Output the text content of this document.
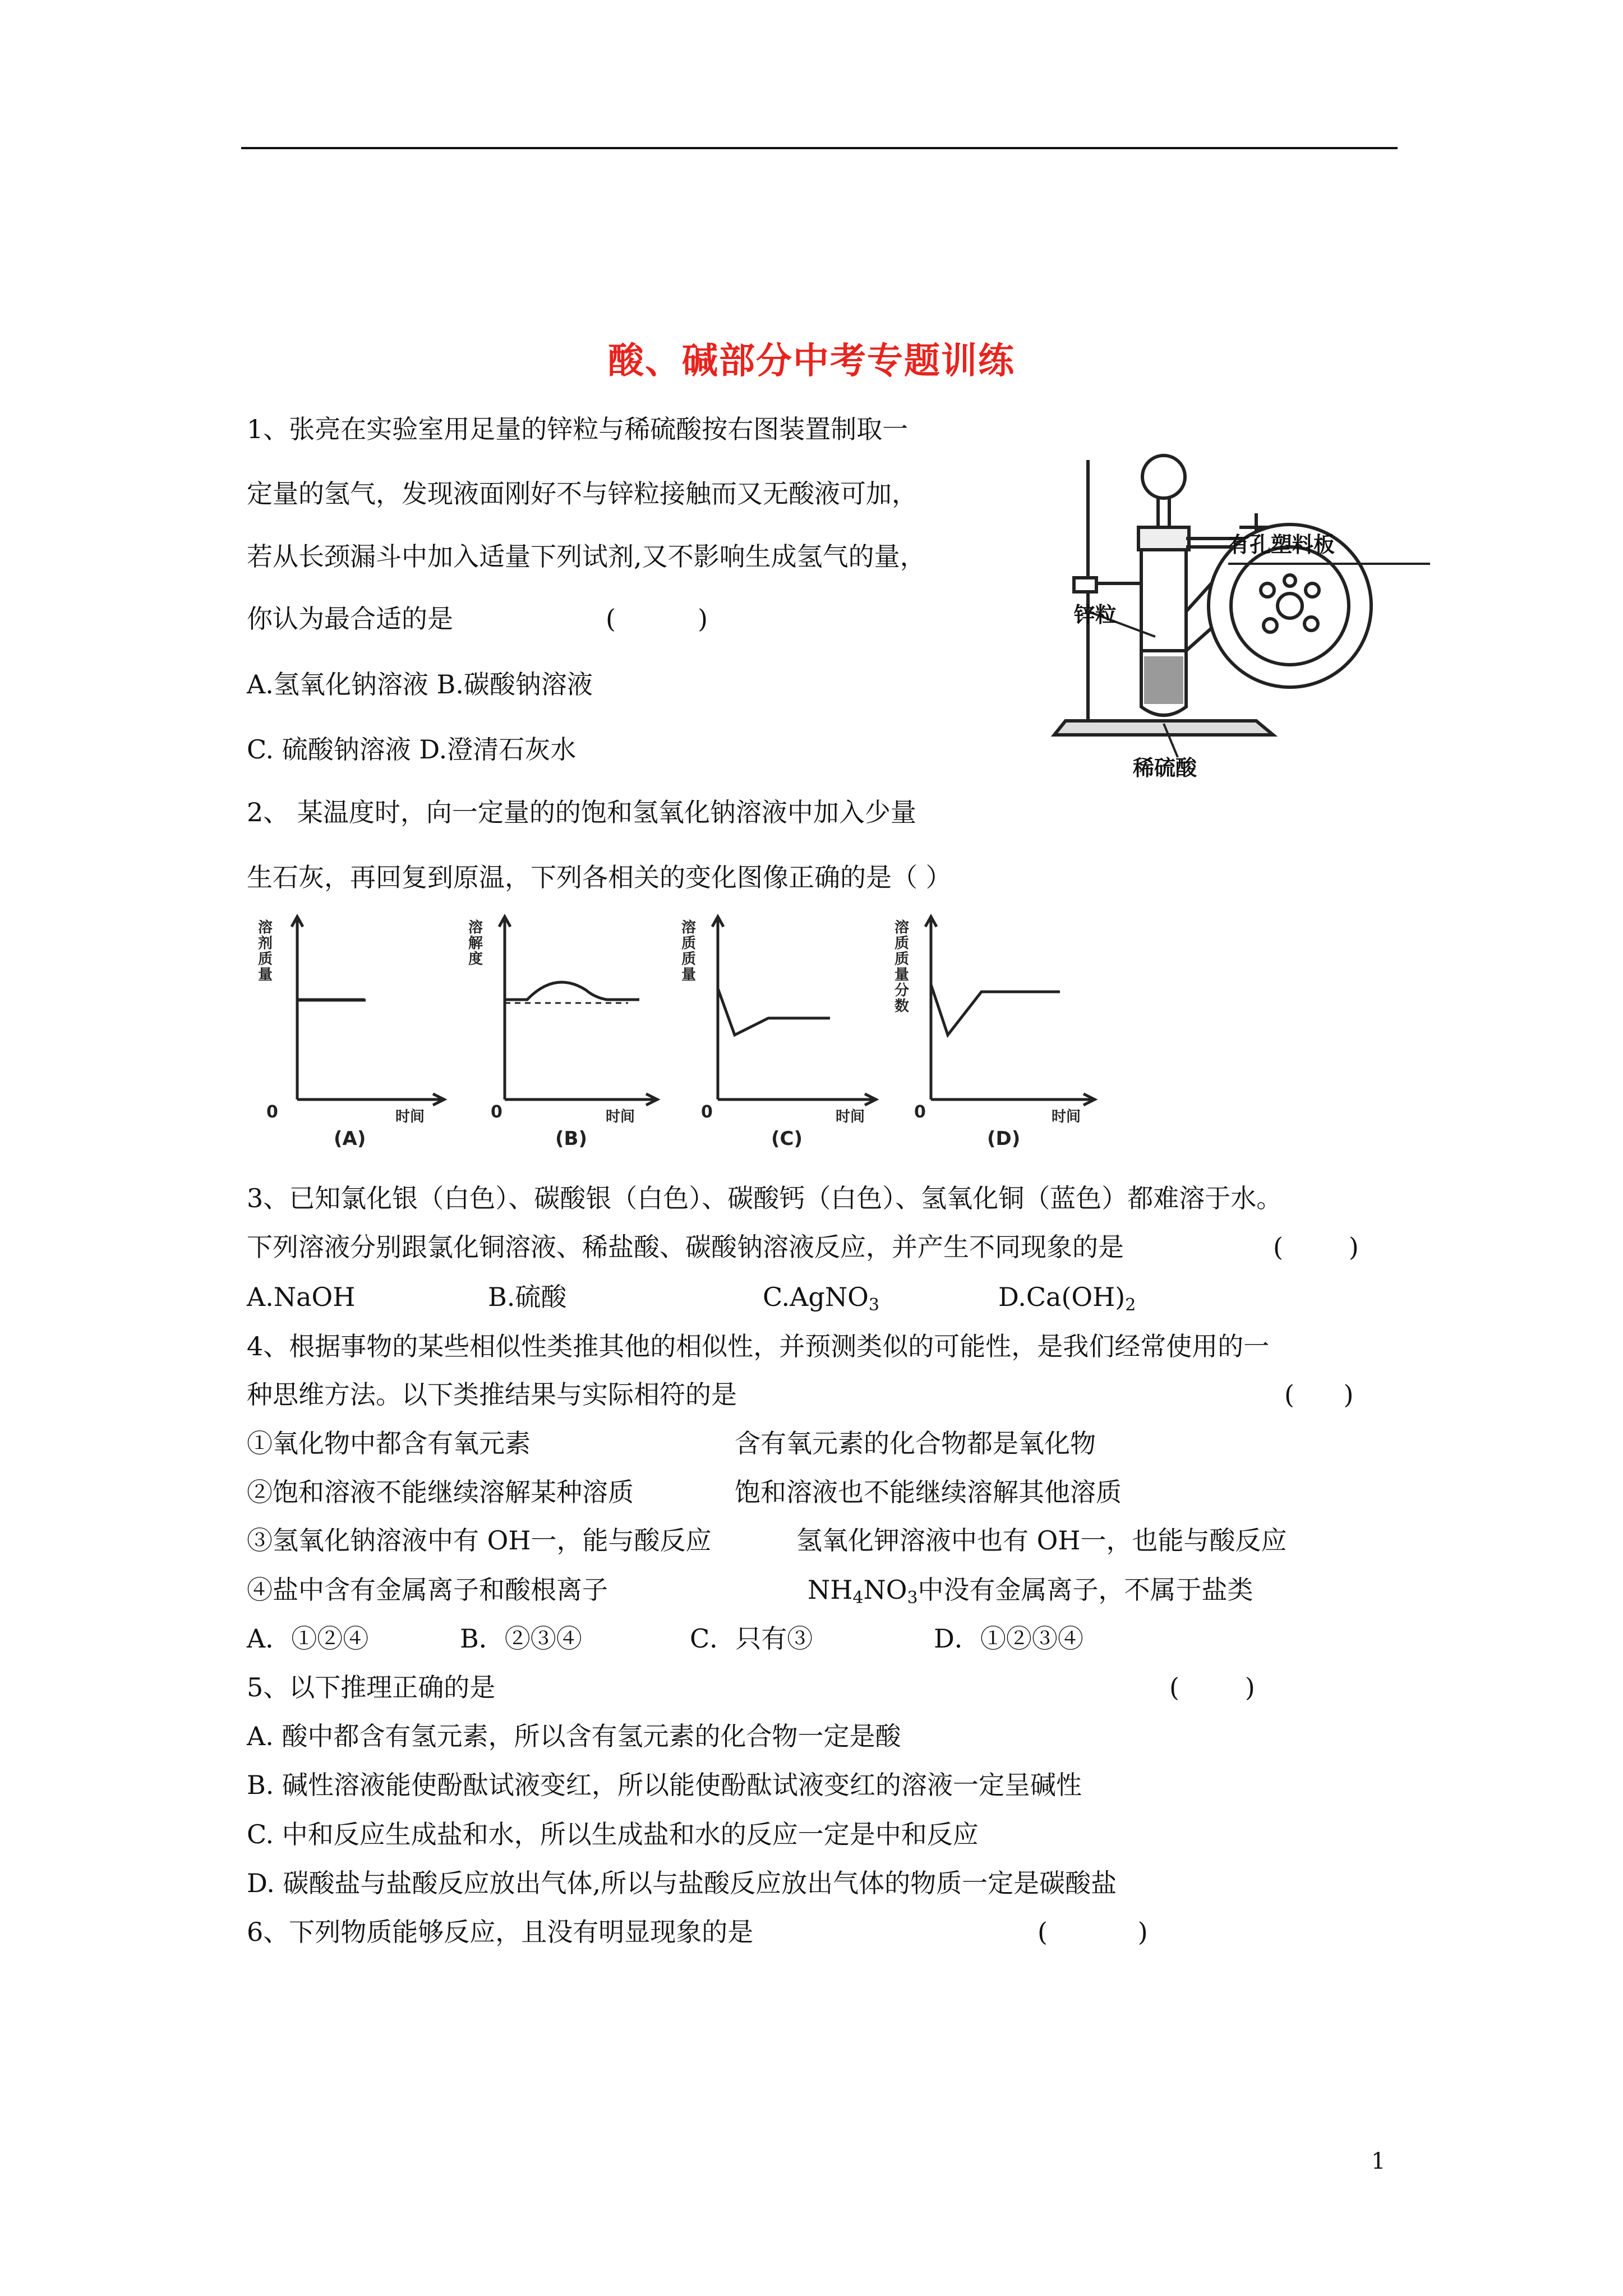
酸、碱部分中考专题训练
1、张亮在实验室用足量的锌粒与稀硫酸按右图装置制取一
定量的氢气，发现液面刚好不与锌粒接触而又无酸液可加，
若从长颈漏斗中加入适量下列试剂,又不影响生成氢气的量，
你认为最合适的是	(          )
A.氢氧化钠溶液 B.碳酸钠溶液
C. 硫酸钠溶液 D.澄清石灰水
有孔塑料板
锌粒
稀硫酸
2、 某温度时，向一定量的的饱和氢氧化钠溶液中加入少量
生石灰，再回复到原温，下列各相关的变化图像正确的是（ ）
溶剂质量
0	时间
(A)
溶解度
0	时间
(B)
溶质质量
0	时间
(C)
溶质质量分数
0	时间
(D)
3、已知氯化银（白色）、碳酸银（白色）、碳酸钙（白色）、氢氧化铜（蓝色）都难溶于水。
下列溶液分别跟氯化铜溶液、稀盐酸、碳酸钠溶液反应，并产生不同现象的是	(        )
A.NaOH	B.硫酸	C.AgNO$_3$	$D.Ca(OH)_2$
4、根据事物的某些相似性类推其他的相似性，并预测类似的可能性，是我们经常使用的一
种思维方法。以下类推结果与实际相符的是	(      )
①氧化物中都含有氧元素	含有氧元素的化合物都是氧化物
②饱和溶液不能继续溶解某种溶质	饱和溶液也不能继续溶解其他溶质
③氢氧化钠溶液中有 OH一，能与酸反应	氢氧化钾溶液中也有 OH一，也能与酸反应
④盐中含有金属离子和酸根离子	$NH_4NO_3$中没有金属离子，不属于盐类
A．①②④	B．②③④	C．只有③	D．①②③④
5、以下推理正确的是	(        )
A. 酸中都含有氢元素，所以含有氢元素的化合物一定是酸
B. 碱性溶液能使酚酞试液变红，所以能使酚酞试液变红的溶液一定呈碱性
C. 中和反应生成盐和水，所以生成盐和水的反应一定是中和反应
D. 碳酸盐与盐酸反应放出气体,所以与盐酸反应放出气体的物质一定是碳酸盐
6、下列物质能够反应，且没有明显现象的是	(           )
1
